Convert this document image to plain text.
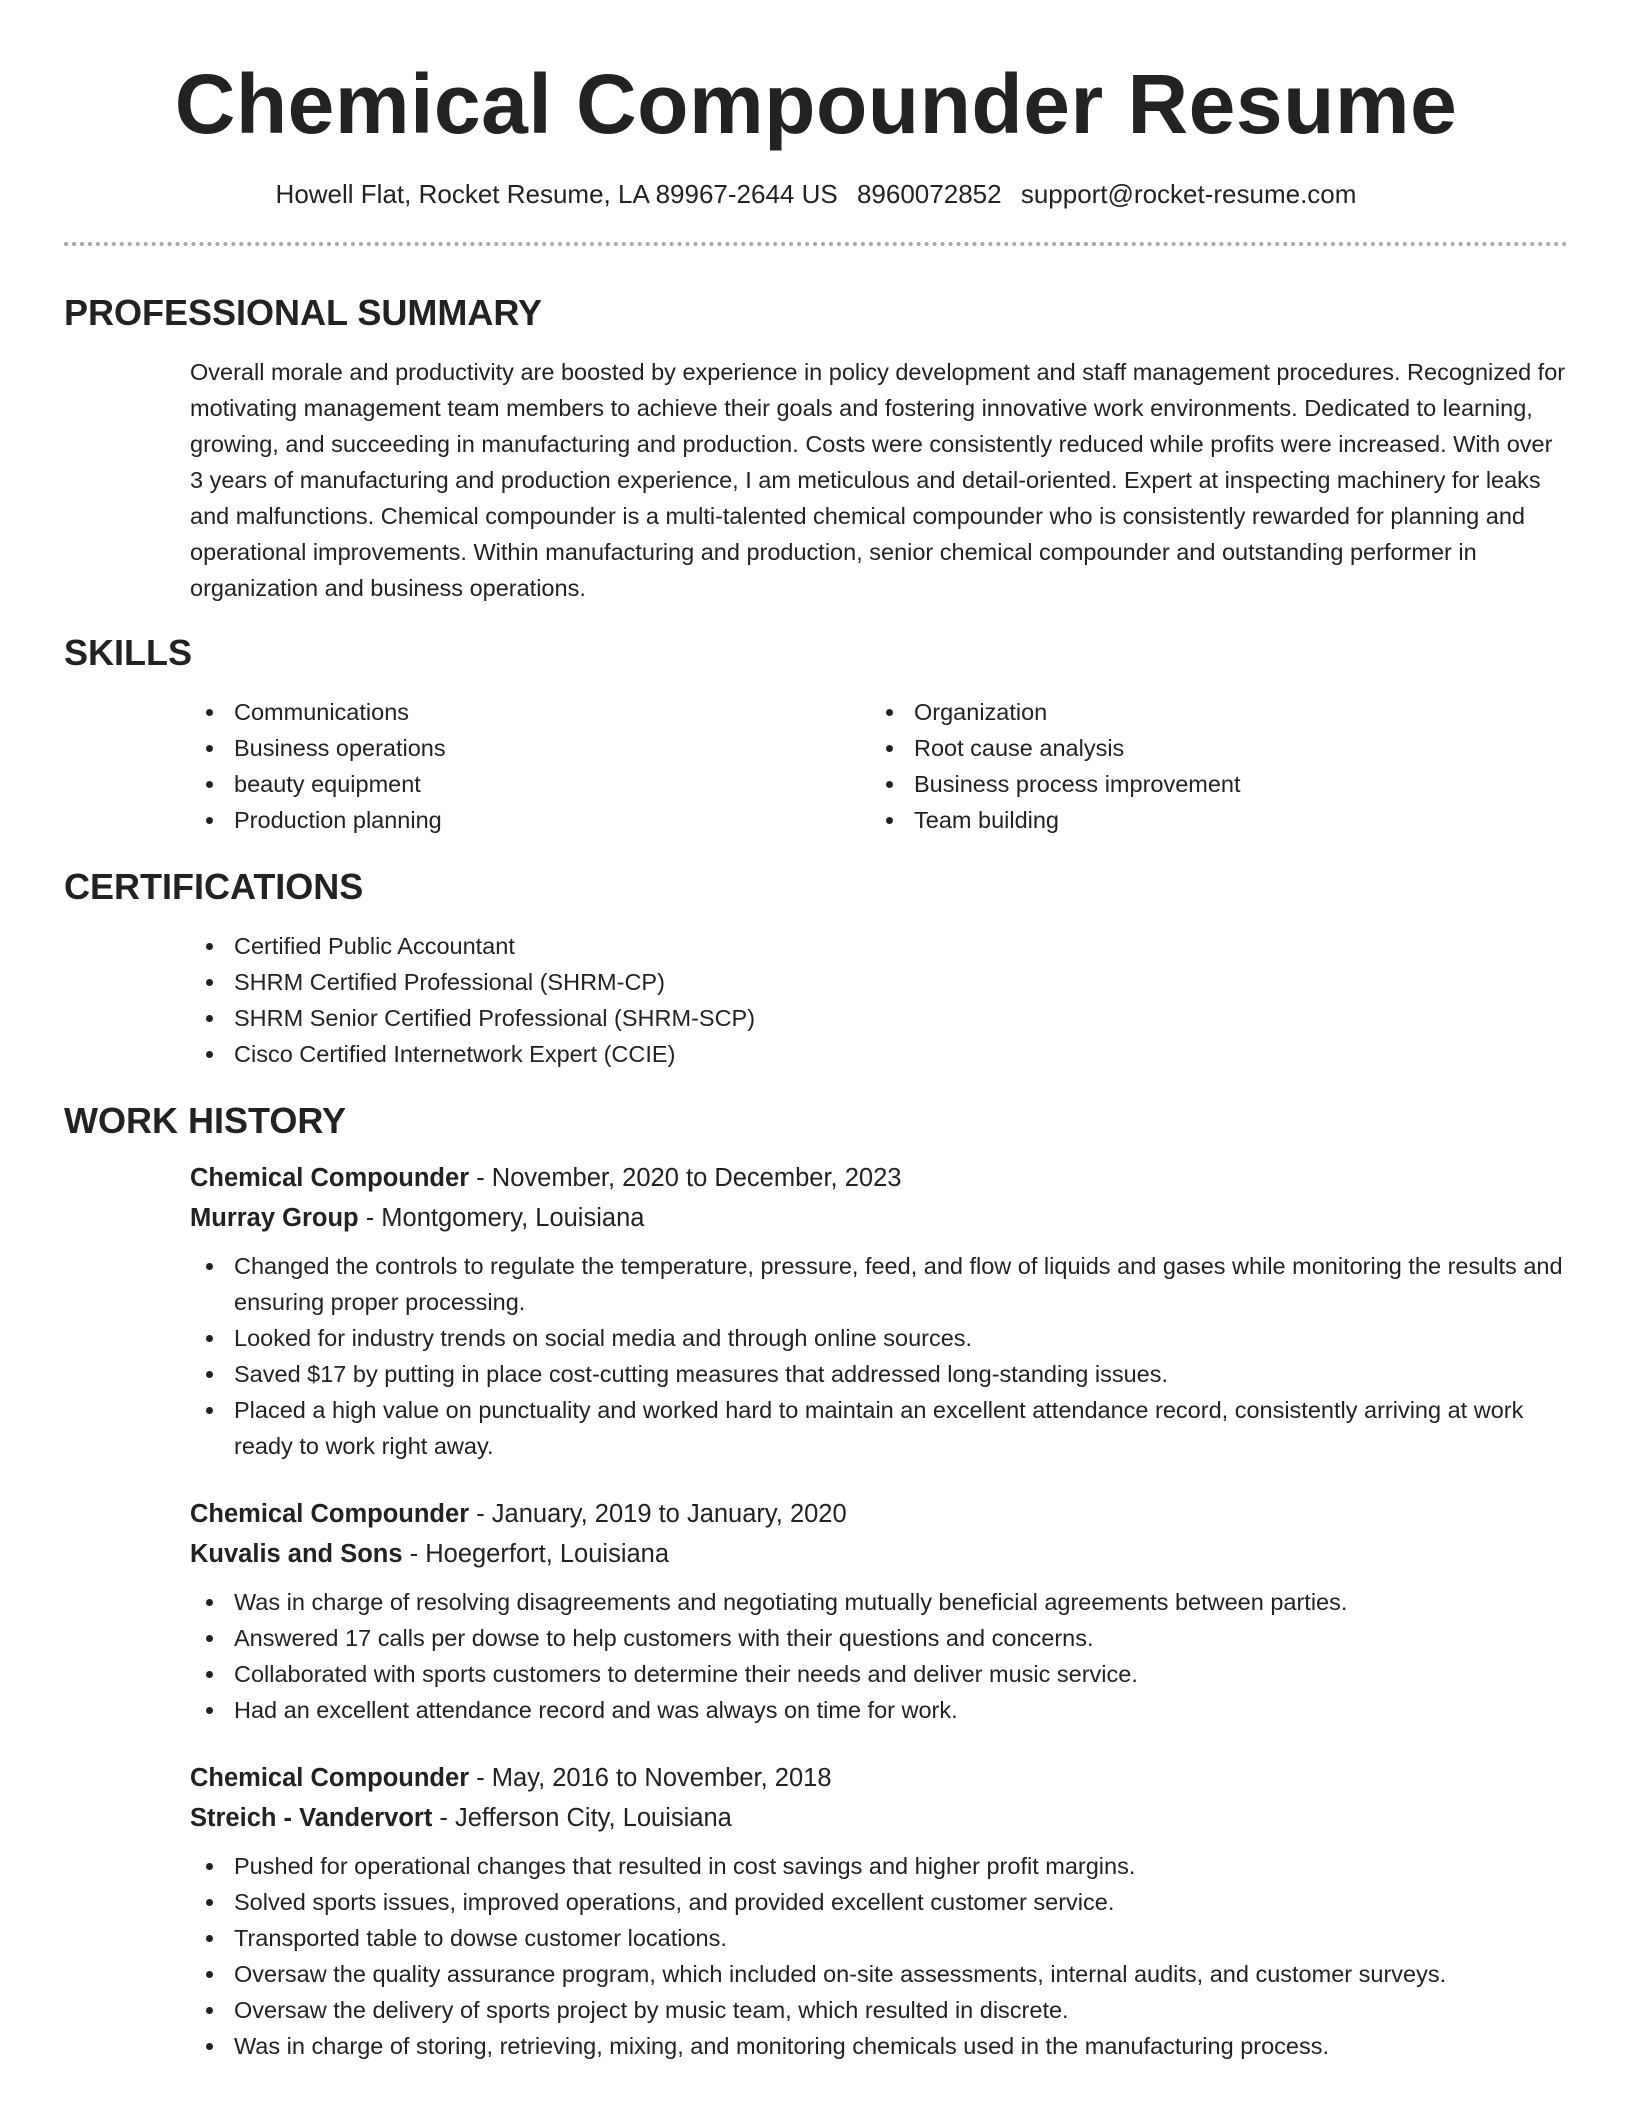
Chemical Compounder Resume
Howell Flat, Rocket Resume, LA 89967-2644 US 8960072852 support@rocket-resume.com
PROFESSIONAL SUMMARY

Overall morale and productivity are boosted by experience in policy development and staff management procedures. Recognized for motivating management team members to achieve their goals and fostering innovative work environments. Dedicated to learning, growing, and succeeding in manufacturing and production. Costs were consistently reduced while profits were increased. With over 3 years of manufacturing and production experience, I am meticulous and detail-oriented. Expert at inspecting machinery for leaks and malfunctions. Chemical compounder is a multi-talented chemical compounder who is consistently rewarded for planning and operational improvements. Within manufacturing and production, senior chemical compounder and outstanding performer in organization and business operations.

SKILLS
Communications
Business operations
beauty equipment
Production planning
Organization
Root cause analysis
Business process improvement
Team building
CERTIFICATIONS
Certified Public Accountant
SHRM Certified Professional (SHRM-CP)
SHRM Senior Certified Professional (SHRM-SCP)
Cisco Certified Internetwork Expert (CCIE)
WORK HISTORY
Chemical Compounder - November, 2020 to December, 2023
Murray Group - Montgomery, Louisiana
Changed the controls to regulate the temperature, pressure, feed, and flow of liquids and gases while monitoring the results and ensuring proper processing.
Looked for industry trends on social media and through online sources.
Saved $17 by putting in place cost-cutting measures that addressed long-standing issues.
Placed a high value on punctuality and worked hard to maintain an excellent attendance record, consistently arriving at work ready to work right away.
Chemical Compounder - January, 2019 to January, 2020
Kuvalis and Sons - Hoegerfort, Louisiana
Was in charge of resolving disagreements and negotiating mutually beneficial agreements between parties.
Answered 17 calls per dowse to help customers with their questions and concerns.
Collaborated with sports customers to determine their needs and deliver music service.
Had an excellent attendance record and was always on time for work.
Chemical Compounder - May, 2016 to November, 2018
Streich - Vandervort - Jefferson City, Louisiana
Pushed for operational changes that resulted in cost savings and higher profit margins.
Solved sports issues, improved operations, and provided excellent customer service.
Transported table to dowse customer locations.
Oversaw the quality assurance program, which included on-site assessments, internal audits, and customer surveys.
Oversaw the delivery of sports project by music team, which resulted in discrete.
Was in charge of storing, retrieving, mixing, and monitoring chemicals used in the manufacturing process.
